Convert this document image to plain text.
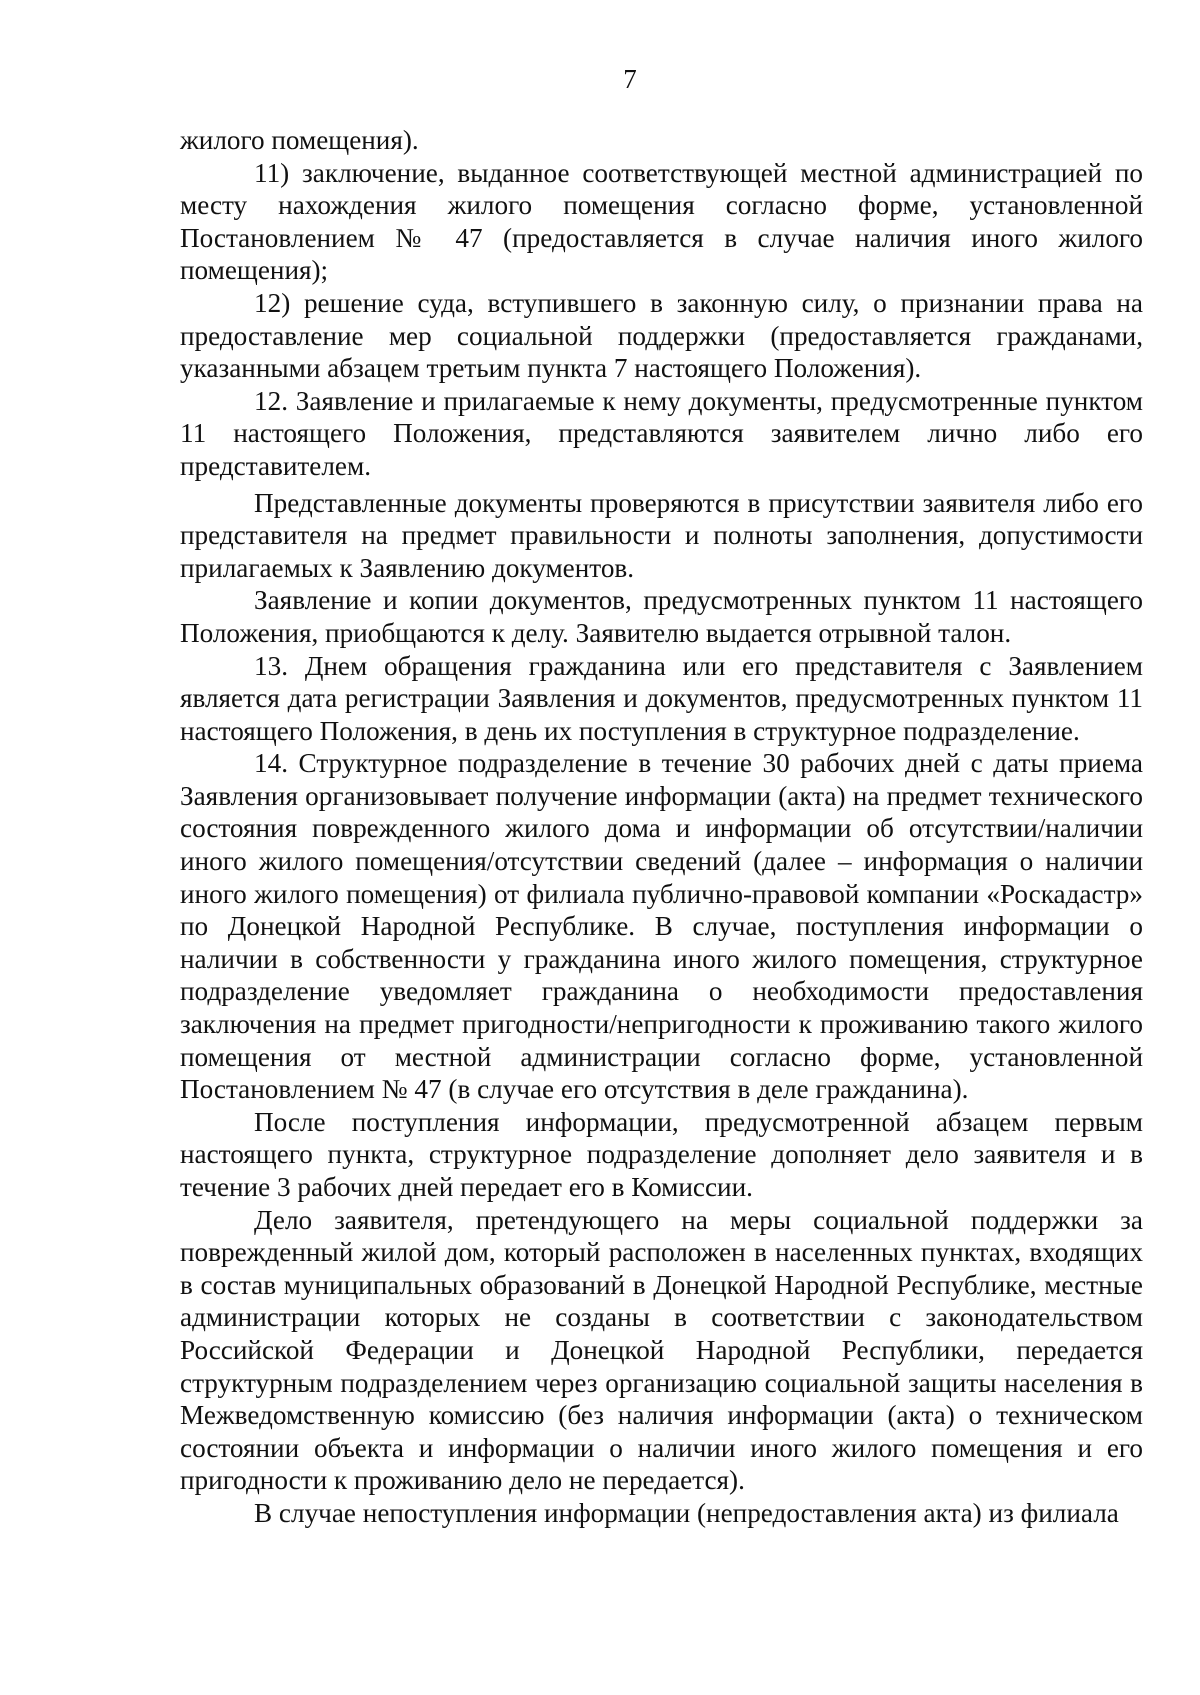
7

жилого помещения).

11) заключение, выданное соответствующей местной администрацией по месту нахождения жилого помещения согласно форме, установленной Постановлением № 47 (предоставляется в случае наличия иного жилого помещения);

12) решение суда, вступившего в законную силу, о признании права на предоставление мер социальной поддержки (предоставляется гражданами, указанными абзацем третьим пункта 7 настоящего Положения).

12. Заявление и прилагаемые к нему документы, предусмотренные пунктом 11 настоящего Положения, представляются заявителем лично либо его представителем.

Представленные документы проверяются в присутствии заявителя либо его представителя на предмет правильности и полноты заполнения, допустимости прилагаемых к Заявлению документов.

Заявление и копии документов, предусмотренных пунктом 11 настоящего Положения, приобщаются к делу. Заявителю выдается отрывной талон.

13. Днем обращения гражданина или его представителя с Заявлением является дата регистрации Заявления и документов, предусмотренных пунктом 11 настоящего Положения, в день их поступления в структурное подразделение.

14. Структурное подразделение в течение 30 рабочих дней с даты приема Заявления организовывает получение информации (акта) на предмет технического состояния поврежденного жилого дома и информации об отсутствии/наличии иного жилого помещения/отсутствии сведений (далее – информация о наличии иного жилого помещения) от филиала публично-правовой компании «Роскадастр» по Донецкой Народной Республике. В случае, поступления информации о наличии в собственности у гражданина иного жилого помещения, структурное подразделение уведомляет гражданина о необходимости предоставления заключения на предмет пригодности/непригодности к проживанию такого жилого помещения от местной администрации согласно форме, установленной Постановлением № 47 (в случае его отсутствия в деле гражданина).

После поступления информации, предусмотренной абзацем первым настоящего пункта, структурное подразделение дополняет дело заявителя и в течение 3 рабочих дней передает его в Комиссии.

Дело заявителя, претендующего на меры социальной поддержки за поврежденный жилой дом, который расположен в населенных пунктах, входящих в состав муниципальных образований в Донецкой Народной Республике, местные администрации которых не созданы в соответствии с законодательством Российской Федерации и Донецкой Народной Республики, передается структурным подразделением через организацию социальной защиты населения в Межведомственную комиссию (без наличия информации (акта) о техническом состоянии объекта и информации о наличии иного жилого помещения и его пригодности к проживанию дело не передается).

В случае непоступления информации (непредоставления акта) из филиала
